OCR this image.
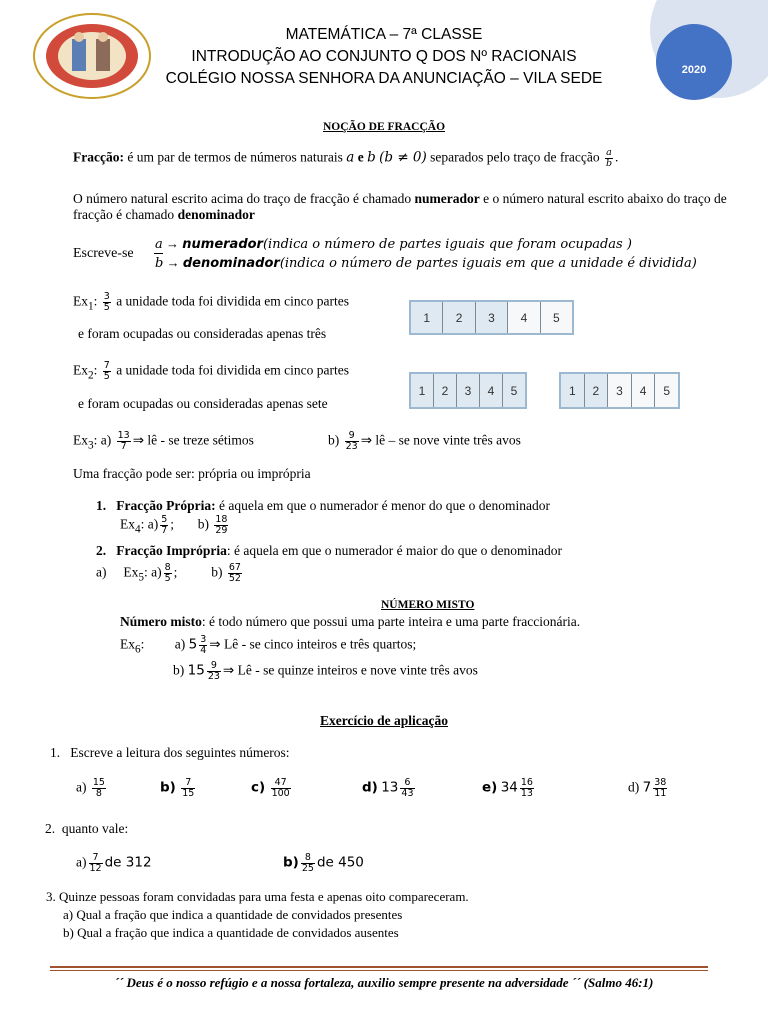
2020
MATEMÁTICA – 7ª CLASSE
INTRODUÇÃO AO CONJUNTO Q DOS Nº RACIONAIS
COLÉGIO NOSSA SENHORA DA ANUNCIAÇÃO – VILA SEDE
NOÇÃO DE FRACÇÃO
Fracção: é um par de termos de números naturais a e b (b ≠ 0) separados pelo traço de fracção $\frac{a}{b}$ .
O número natural escrito acima do traço de fracção é chamado numerador e o número natural escrito abaixo do traço de fracção é chamado denominador
Escreve-se
a → numerador(indica o número de partes iguais que foram ocupadas )
b → denominador(indica o número de partes iguais em que a unidade é dividida)
$Ex_1$: $\frac{3}{5}$ a unidade toda foi dividida em cinco partes
e foram ocupadas ou consideradas apenas três
1	2	3	4	5
$Ex_2$: $\frac{7}{5}$ a unidade toda foi dividida em cinco partes
e foram ocupadas ou consideradas apenas sete
1	2	3	4	5	1	2	3	4	5
$Ex_3$: $a) \frac{13}{7}$ ⇒ lê - se treze sétimos	$b) \frac{9}{23}$ ⇒ lê – se nove vinte três avos
Uma fracção pode ser: própria ou imprópria
1. Fracção Própria: é aquela em que o numerador é menor do que o denominador
$Ex_4$: $a) \frac{5}{7}$ ;       $b) \frac{18}{29}$
2. Fracção Imprópria: é aquela em que o numerador é maior do que o denominador
a) $Ex_5$: $a) \frac{8}{5}$ ;          $b) \frac{67}{52}$
NÚMERO MISTO
Número misto: é todo número que possui uma parte inteira e uma parte fraccionária.
$Ex_6$:         a) $5 \frac{3}{4}$ ⇒ Lê - se cinco inteiros e três quartos;
b) $15 \frac{9}{23}$ ⇒ Lê - se quinze inteiros e nove vinte três avos
Exercício de aplicação
1. Escreve a leitura dos seguintes números:
$a) \frac{15}{8}$	$b) \frac{7}{15}$	$c) \frac{47}{100}$	d) $13 \frac{6}{43}$	e) $34 \frac{16}{13}$	d) $7 \frac{38}{11}$
2. quanto vale:
$a) \frac{7}{12}$ de 312	$b) \frac{8}{25}$ de 450
3. Quinze pessoas foram convidadas para uma festa e apenas oito compareceram.
a) Qual a fração que indica a quantidade de convidados presentes
b) Qual a fração que indica a quantidade de convidados ausentes
´´ Deus é o nosso refúgio e a nossa fortaleza, auxilio sempre presente na adversidade ´´ (Salmo 46:1)
